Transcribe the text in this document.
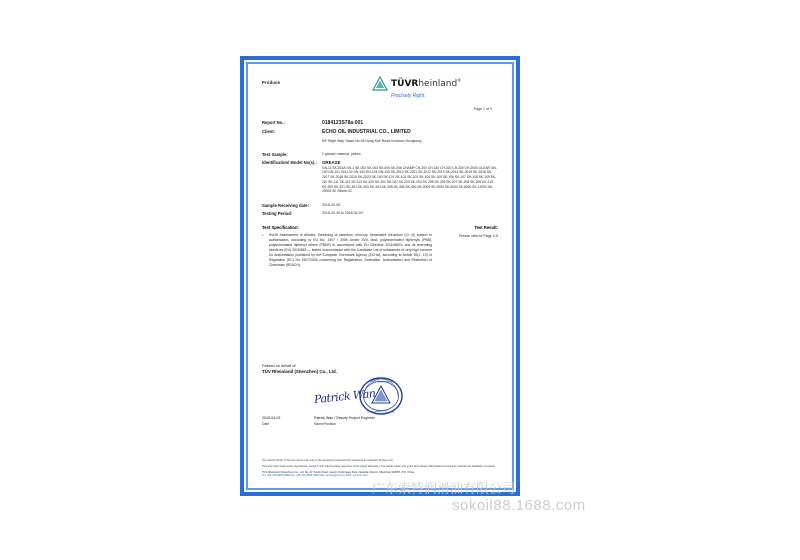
Produce	TÜVRheinland®
Precisely Right.
Page 1 of 9
Report No.:	0184123S78a-001
Client:	ECHO OIL INDUSTRIAL CO., LIMITED
6/F Right Way Tower,No.38 Hung Kok Road,Kowloon,Hongkong
Test Sample:	1 grease material, yellow
Identification/ Model No(s).:	GREASE
GN-11 SK-015A GN-1 SK-002 SK-003 SK-005 SK-006 CHAMP CH-300 CH-310 CH-320 CH-330 CH-2000 GLEAR GN-100 GN-101 GN-102 GN-103 GN-104 GN-105 SK-2010 SK-2011 SK-2012 SK-2013 SK-2014 SK-2015 SK-2016 SK-2017 SK-2018 SK-2019 SK-2020 SK-100 SK-101 SK-102 SK-103 SK-104 SK-105 SK-106 SK-107 SK-108 SK-109 SK-110 SK-111 SK-112 SK-113 SK-200 SK-201 SK-202 SK-203 SK-204 SK-205 SK-206 SK-207 SK-208 SK-209 SK-210 SK-300 SK-301 SK-302 SK-303 SK-304 SK-305 SK-306 SK-400 SK-2000 SK-3000 SK-5000 SK-8000 SK-12000 SK-20000 SK Silicon-02
Sample Receiving date:	2018-03-26
Testing Period:	2018-03-26 to 2018-04-03
Test Specification:	Test Result:
•	RoHS Assessment of Articles: Screening of cadmium, mercury, hexavalent chromium (Cr VI) subject to authorisation, according to EU No. 1907 / 2006 Annex XVII, lead, polybrominated biphenyls (PBB), polybrominated diphenyl ethers (PBDE) in accordance with EU Directive 2011/65/EU and its amending directives (EU) 2015/863 — tested in accordance with the Candidate List of substances of very high concern for Authorisation published by the European Chemicals Agency (ECHA), according to Article 59(1, 10) of Regulation (EC) No 1907/2006 concerning the Registration, Evaluation, Authorisation and Restriction of Chemicals (REACH).
Please refer to Page 2-9
Passed on behalf of
TÜV Rheinland (Shenzhen) Co., Ltd.
Patrick Wan
TUV Rheinland
Shenzhen Co., Ltd.
2018-04-03	Patrick Wan / Deputy Project Engineer
Date	Name/Position
The results shown in this test report refer only to the sample(s) tested and the sample(s) are retained 30 days only.
This test report shall not be reproduced, except in full, without written approval of the testing laboratory. The results relate only to the item tested. Abbreviations of the test methods are available on request.
TÜV Rheinland (Shenzhen) Co., Ltd. No. 27, South Road, Gaoxin Technology Park, Nanshan District, Shenzhen 518057, P.R. China
Tel: +86-755-8828 0888 Fax: +86-755-8828 0999 Mail: service@tuv.com Web: www.tuv.com
广东索特润滑油有限公司
sokoil88.1688.com
